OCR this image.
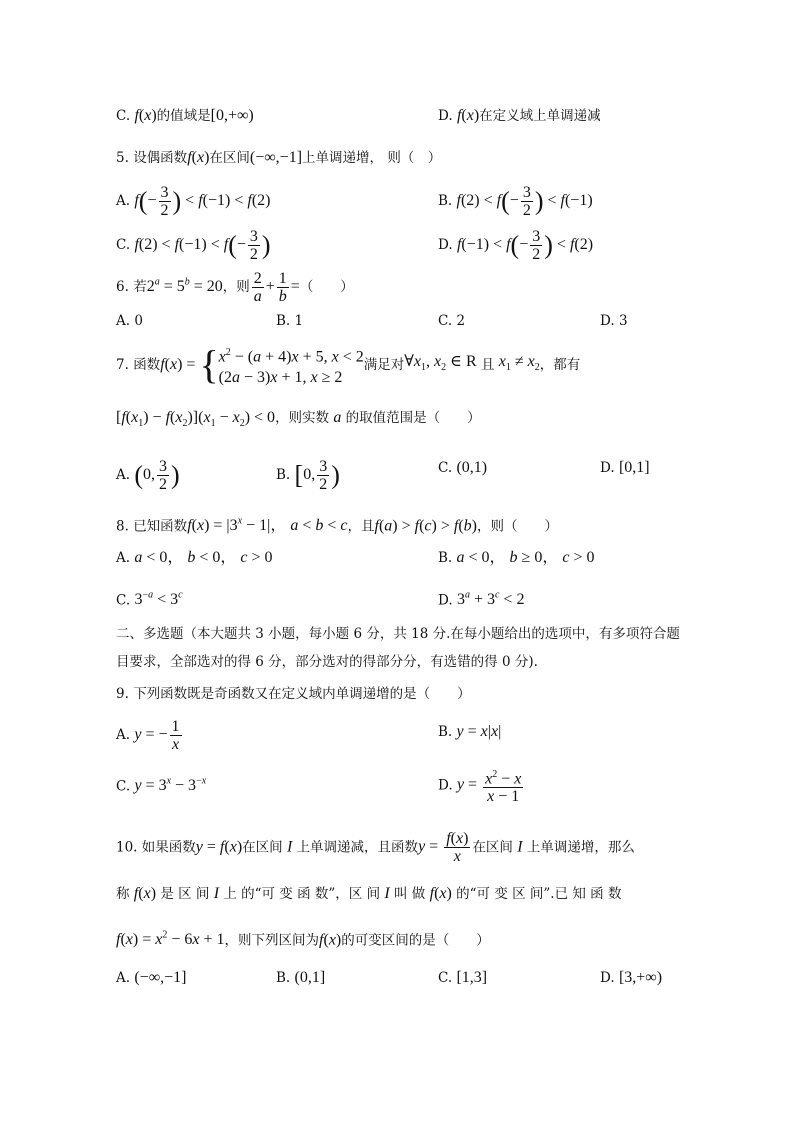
C. f(x)的值域是[0,+∞)	D. f(x)在定义域上单调递减
5. 设偶函数f(x)在区间(−∞,−1]上单调递增， 则（　）
A. $f(- \frac{3}{2}$ ) < f(−1) < f(2)	B. $f(2) < f(- \frac{3}{2}$ ) < f(−1)
C. $f(2) < f(-1) < f(- \frac{3}{2}$ )	D. $f(-1) < f(- \frac{3}{2}$ ) < f(2)
6. 若$2^a = 5^b = 20$，则 $\frac{2}{a} + \frac{1}{b}$ =（　　）
A. 0	B. 1	C. 2	D. 3
7. 函数f(x) = { $x^2 - (a + 4)x + 5$, x < 2
(2a − 3)x + 1, x ≥ 2
满足对$\forall x_1$, $x_2$ ∈ R 且 $x_1 \ne x_2$，都有
$[f(x_1) - f(x_2)](x_1 - x_2) < 0$，则实数 a 的取值范围是（　　）
A. (0, $\frac{3}{2}$ )	B. [0, $\frac{3}{2}$ )	C. (0,1)	D. [0,1]
8. 已知函数$f(x) = |3^x - 1|$， a < b < c，且f(a) > f(c) > f(b)，则（　　）
A. a < 0， b < 0， c > 0	B. a < 0， b ≥ 0， c > 0
C. $3^{-a} < 3^c$	D. $3^a + 3^c < 2$
二、多选题（本大题共 3 小题，每小题 6 分，共 18 分.在每小题给出的选项中，有多项符合题
目要求，全部选对的得 6 分，部分选对的得部分分，有选错的得 0 分).
9. 下列函数既是奇函数又在定义域内单调递增的是（　　）
A. y = − $\frac{1}{x}$	B. y = x|x|
C. $y = 3^x - 3^{-x}$	D. $y = \frac{x^2 - x}{x - 1}$
10. 如果函数y = f(x)在区间 I 上单调递减，且函数$y = \frac{f(x)}{x}$ 在区间 I 上单调递增，那么
称 f(x) 是 区 间 I 上 的“可 变 函 数”，区 间 I 叫 做 f(x) 的“可 变 区 间”.已 知 函 数
$f(x) = x^2 - 6x + 1$，则下列区间为f(x)的可变区间的是（　　）
A. (−∞,−1]	B. (0,1]	C. [1,3]	D. [3,+∞)
